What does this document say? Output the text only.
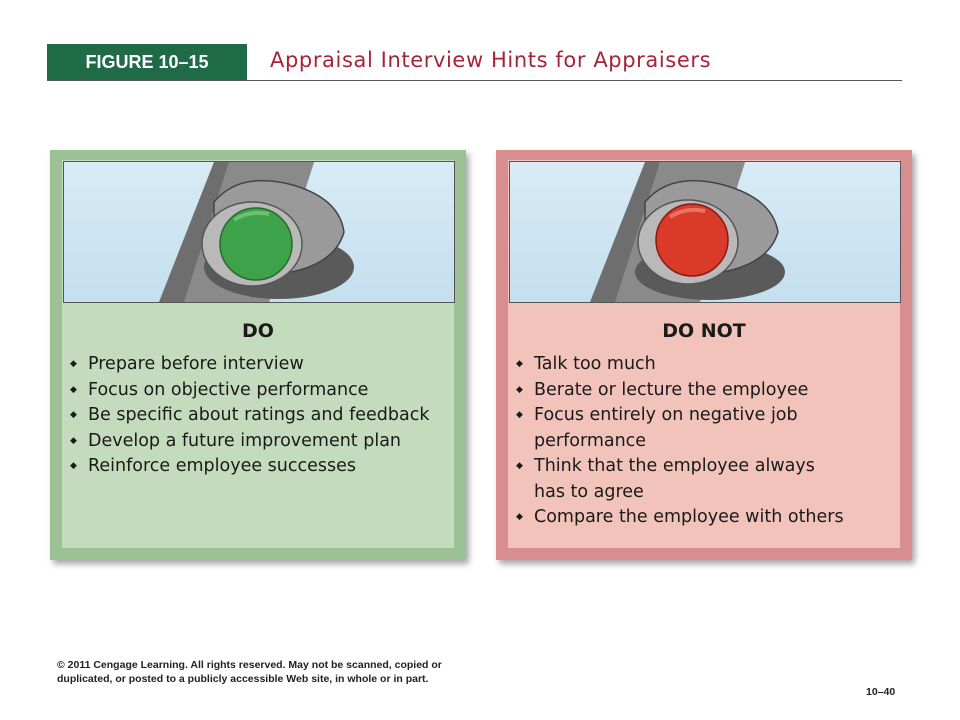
FIGURE 10–15	Appraisal Interview Hints for Appraisers
DO
◆ Prepare before interview
◆ Focus on objective performance
◆ Be specific about ratings and feedback
◆ Develop a future improvement plan
◆ Reinforce employee successes
DO NOT
◆ Talk too much
◆ Berate or lecture the employee
◆ Focus entirely on negative job performance
◆ Think that the employee always has to agree
◆ Compare the employee with others
© 2011 Cengage Learning. All rights reserved. May not be scanned, copied or duplicated, or posted to a publicly accessible Web site, in whole or in part.
10–40
